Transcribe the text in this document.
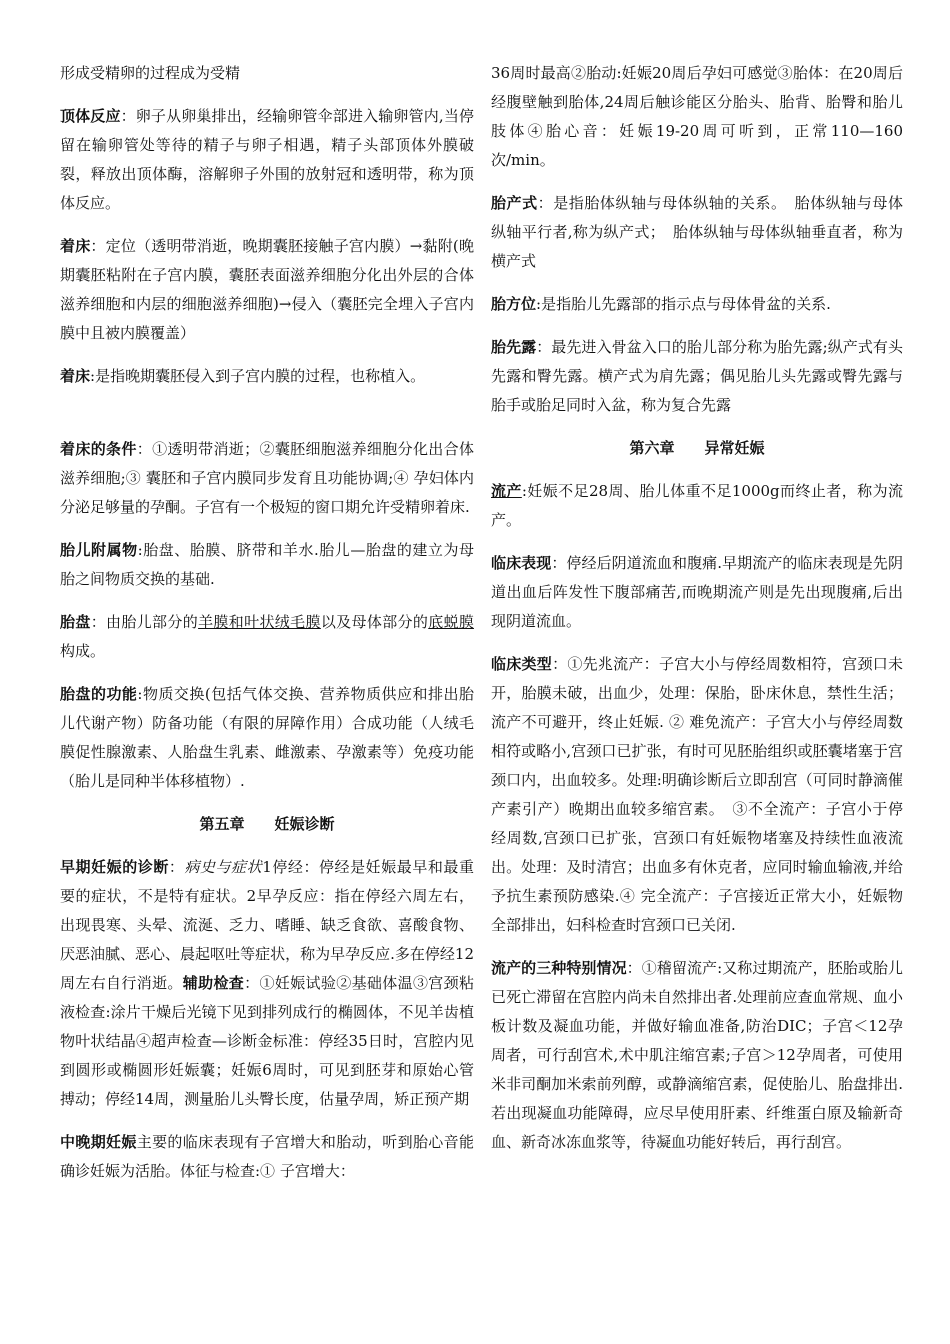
形成受精卵的过程成为受精

顶体反应：卵子从卵巢排出，经输卵管伞部进入输卵管内,当停留在输卵管处等待的精子与卵子相遇，精子头部顶体外膜破裂，释放出顶体酶，溶解卵子外围的放射冠和透明带，称为顶体反应。

着床：定位（透明带消逝，晚期囊胚接触子宫内膜）→黏附(晚期囊胚粘附在子宫内膜，囊胚表面滋养细胞分化出外层的合体滋养细胞和内层的细胞滋养细胞)→侵入（囊胚完全埋入子宫内膜中且被内膜覆盖）

着床:是指晚期囊胚侵入到子宫内膜的过程，也称植入。

着床的条件：①透明带消逝；②囊胚细胞滋养细胞分化出合体滋养细胞;③ 囊胚和子宫内膜同步发育且功能协调;④ 孕妇体内分泌足够量的孕酮。子宫有一个极短的窗口期允许受精卵着床.

胎儿附属物:胎盘、胎膜、脐带和羊水.胎儿—胎盘的建立为母胎之间物质交换的基础.

胎盘：由胎儿部分的羊膜和叶状绒毛膜以及母体部分的底蜕膜构成。

胎盘的功能:物质交换(包括气体交换、营养物质供应和排出胎儿代谢产物）防备功能（有限的屏障作用）合成功能（人绒毛膜促性腺激素、人胎盘生乳素、雌激素、孕激素等）免疫功能（胎儿是同种半体移植物）.

第五章　　妊娠诊断

早期妊娠的诊断：病史与症状1停经：停经是妊娠最早和最重要的症状，不是特有症状。2早孕反应：指在停经六周左右，出现畏寒、头晕、流涎、乏力、嗜睡、缺乏食欲、喜酸食物、厌恶油腻、恶心、晨起呕吐等症状，称为早孕反应.多在停经12周左右自行消逝。辅助检查：①妊娠试验②基础体温③宫颈粘液检查:涂片干燥后光镜下见到排列成行的椭圆体，不见羊齿植物叶状结晶④超声检查—诊断金标准：停经35日时，宫腔内见到圆形或椭圆形妊娠囊；妊娠6周时，可见到胚芽和原始心管搏动；停经14周，测量胎儿头臀长度，估量孕周，矫正预产期

中晚期妊娠主要的临床表现有子宫增大和胎动，听到胎心音能确诊妊娠为活胎。体征与检查:① 子宫增大：

36周时最高②胎动:妊娠20周后孕妇可感觉③胎体：在20周后经腹壁触到胎体,24周后触诊能区分胎头、胎背、胎臀和胎儿肢体④胎心音：妊娠19-20周可听到，正常110—160次/min。

胎产式：是指胎体纵轴与母体纵轴的关系。　胎体纵轴与母体纵轴平行者,称为纵产式；　胎体纵轴与母体纵轴垂直者，称为横产式

胎方位:是指胎儿先露部的指示点与母体骨盆的关系.

胎先露：最先进入骨盆入口的胎儿部分称为胎先露;纵产式有头先露和臀先露。横产式为肩先露；偶见胎儿头先露或臀先露与胎手或胎足同时入盆，称为复合先露

第六章　　异常妊娠

流产:妊娠不足28周、胎儿体重不足1000g而终止者，称为流产。

临床表现：停经后阴道流血和腹痛.早期流产的临床表现是先阴道出血后阵发性下腹部痛苦,而晚期流产则是先出现腹痛,后出现阴道流血。

临床类型：①先兆流产：子宫大小与停经周数相符，宫颈口未开，胎膜未破，出血少，处理：保胎，卧床休息，禁性生活；流产不可避开，终止妊娠. ② 难免流产：子宫大小与停经周数相符或略小,宫颈口已扩张，有时可见胚胎组织或胚囊堵塞于宫颈口内，出血较多。处理:明确诊断后立即刮宫（可同时静滴催产素引产）晚期出血较多缩宫素。　③不全流产：子宫小于停经周数,宫颈口已扩张，宫颈口有妊娠物堵塞及持续性血液流出。处理：及时清宫；出血多有休克者，应同时输血输液,并给予抗生素预防感染.④ 完全流产：子宫接近正常大小，妊娠物全部排出，妇科检查时宫颈口已关闭.

流产的三种特别情况：①稽留流产:又称过期流产，胚胎或胎儿已死亡滞留在宫腔内尚未自然排出者.处理前应查血常规、血小板计数及凝血功能，并做好输血准备,防治DIC；子宫＜12孕周者，可行刮宫术,术中肌注缩宫素;子宫＞12孕周者，可使用米非司酮加米索前列醇，或静滴缩宫素，促使胎儿、胎盘排出.若出现凝血功能障碍，应尽早使用肝素、纤维蛋白原及输新奇血、新奇冰冻血浆等，待凝血功能好转后，再行刮宫。
